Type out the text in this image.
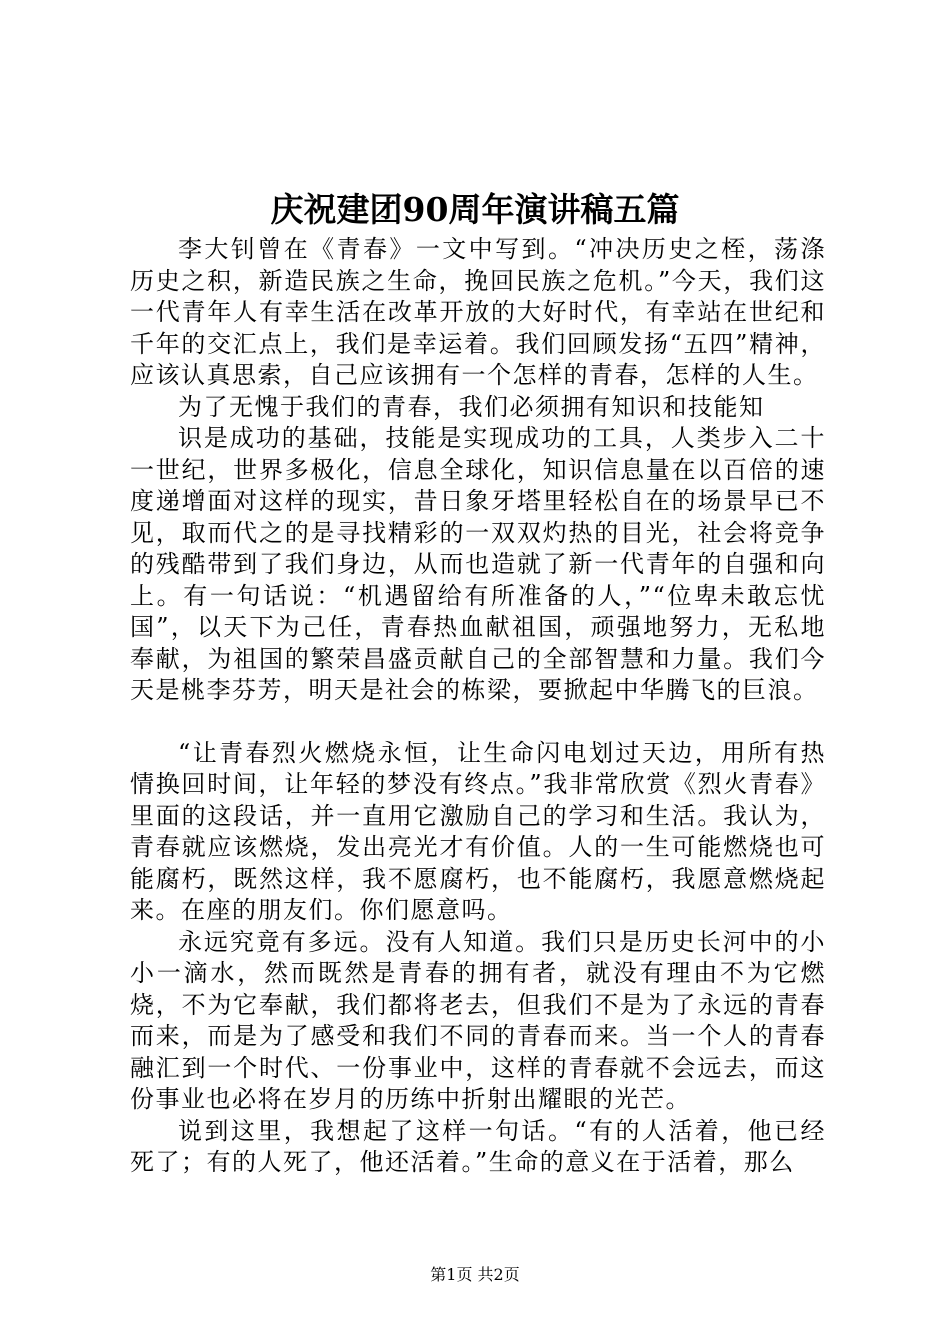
庆祝建团90周年演讲稿五篇

李大钊曾在《青春》一文中写到。“冲决历史之桎，荡涤历史之积，新造民族之生命，挽回民族之危机。”今天，我们这一代青年人有幸生活在改革开放的大好时代，有幸站在世纪和千年的交汇点上，我们是幸运着。我们回顾发扬“五四”精神，应该认真思索，自己应该拥有一个怎样的青春，怎样的人生。

为了无愧于我们的青春，我们必须拥有知识和技能知

识是成功的基础，技能是实现成功的工具，人类步入二十一世纪，世界多极化，信息全球化，知识信息量在以百倍的速度递增面对这样的现实，昔日象牙塔里轻松自在的场景早已不见，取而代之的是寻找精彩的一双双灼热的目光，社会将竞争的残酷带到了我们身边，从而也造就了新一代青年的自强和向上。有一句话说：“机遇留给有所准备的人，”“位卑未敢忘忧国”，以天下为己任，青春热血献祖国，顽强地努力，无私地奉献，为祖国的繁荣昌盛贡献自己的全部智慧和力量。我们今天是桃李芬芳，明天是社会的栋梁，要掀起中华腾飞的巨浪。

“让青春烈火燃烧永恒，让生命闪电划过天边，用所有热情换回时间，让年轻的梦没有终点。”我非常欣赏《烈火青春》里面的这段话，并一直用它激励自己的学习和生活。我认为，青春就应该燃烧，发出亮光才有价值。人的一生可能燃烧也可能腐朽，既然这样，我不愿腐朽，也不能腐朽，我愿意燃烧起来。在座的朋友们。你们愿意吗。

永远究竟有多远。没有人知道。我们只是历史长河中的小小一滴水，然而既然是青春的拥有者，就没有理由不为它燃烧，不为它奉献，我们都将老去，但我们不是为了永远的青春而来，而是为了感受和我们不同的青春而来。当一个人的青春融汇到一个时代、一份事业中，这样的青春就不会远去，而这份事业也必将在岁月的历练中折射出耀眼的光芒。

说到这里，我想起了这样一句话。“有的人活着，他已经死了；有的人死了，他还活着。”生命的意义在于活着，那么

第1页 共2页
